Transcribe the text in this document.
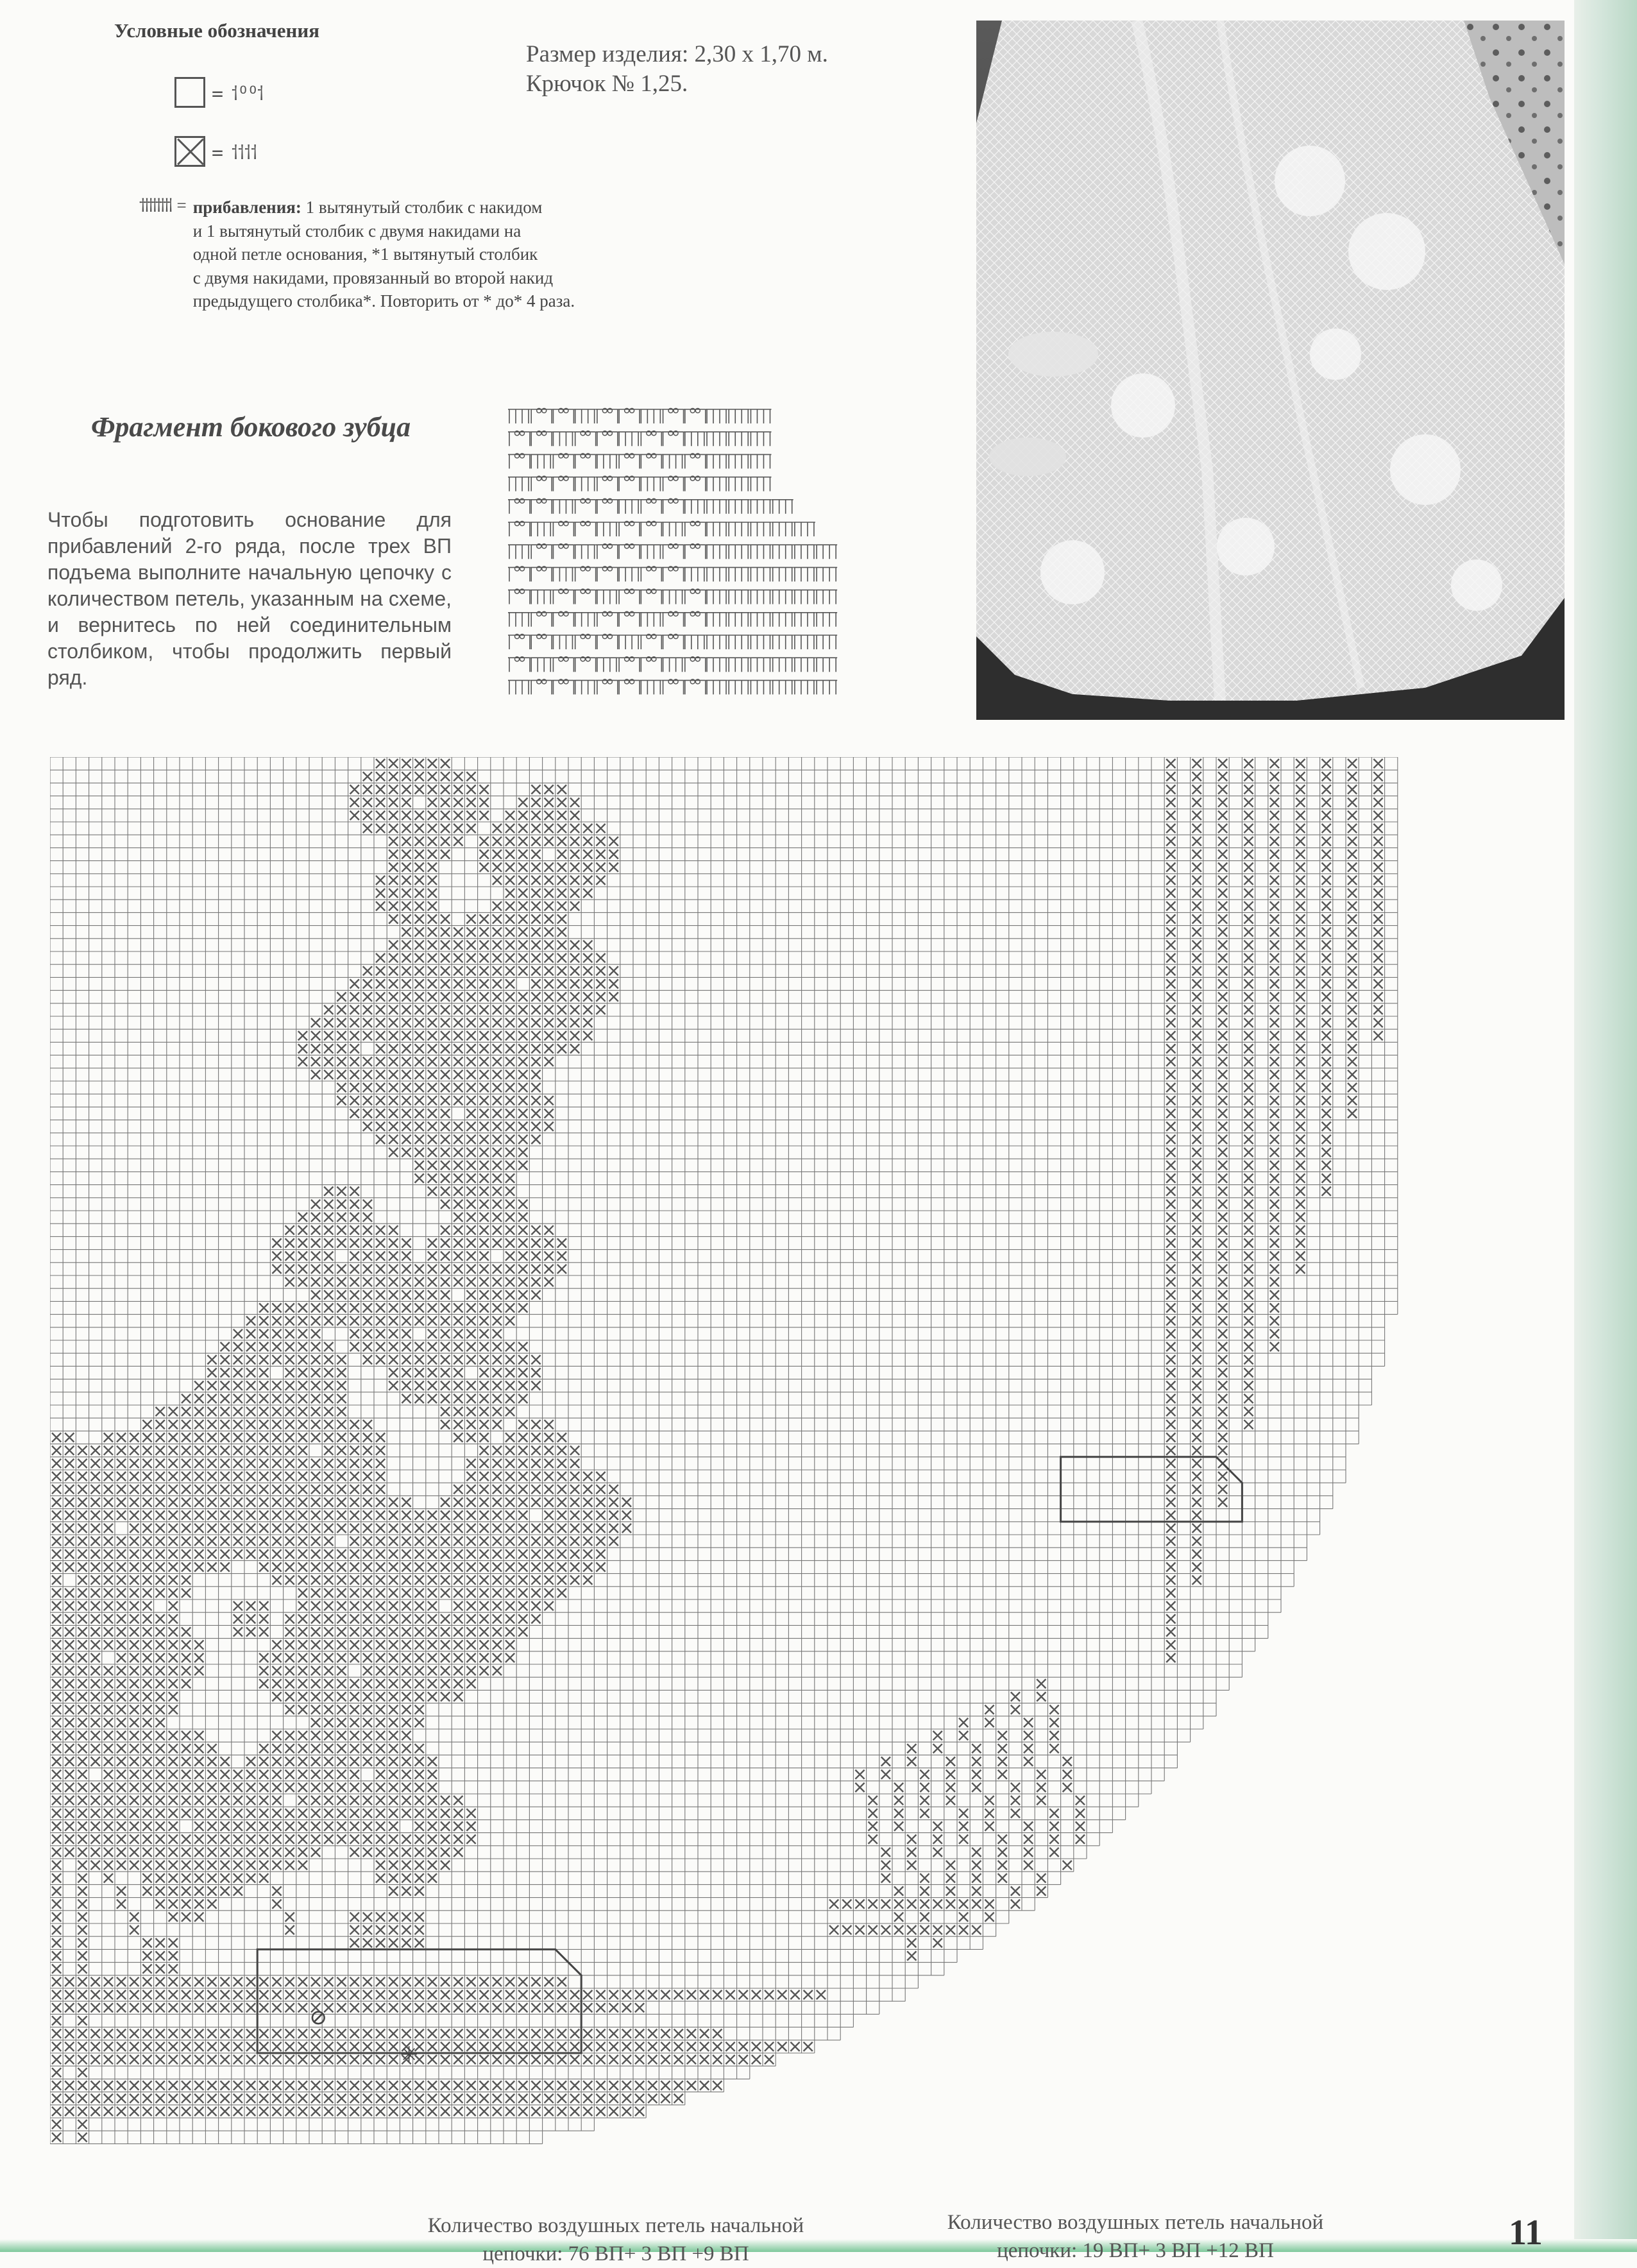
Условные обозначения
= ⸶ᴼᴼ⸶
= ⸶⸶⸶⸶
⸶⸶⸶⸶⸶⸶⸶⸶ = прибавления: 1 вытянутый столбик с накидом
и 1 вытянутый столбик с двумя накидами на
одной петле основания, *1 вытянутый столбик
с двумя накидами, провязанный во второй накид
предыдущего столбика*. Повторить от * до* 4 раза.
Размер изделия: 2,30 x 1,70 м.
Крючок № 1,25.
Фрагмент бокового зубца
Чтобы подготовить основание для прибавлений 2-го ряда, после трех ВП подъема выполните начальную цепочку с количеством петель, указанным на схеме, и вернитесь по ней соединительным столбиком, чтобы продолжить первый ряд.
⊘
✳
Количество воздушных петель начальной
цепочки: 76 ВП+ 3 ВП +9 ВП
Количество воздушных петель начальной
цепочки: 19 ВП+ 3 ВП +12 ВП	11
